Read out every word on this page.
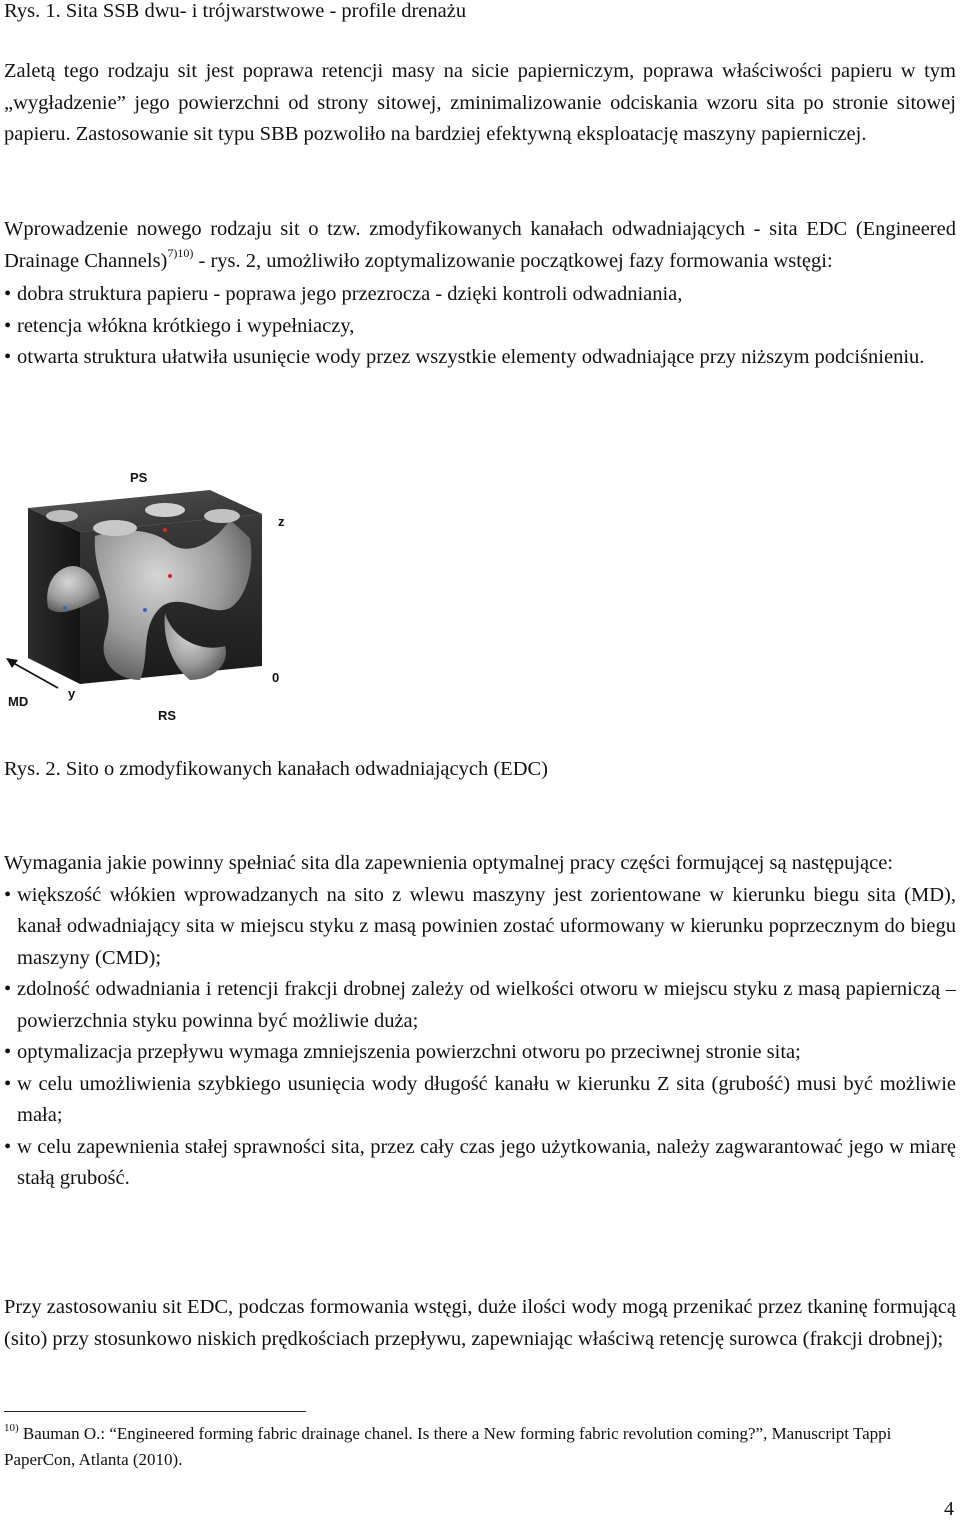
Rys. 1. Sita SSB dwu- i trójwarstwowe - profile drenażu

Zaletą tego rodzaju sit jest poprawa retencji masy na sicie papierniczym, poprawa właściwości papieru w tym „wygładzenie” jego powierzchni od strony sitowej, zminimalizowanie odciskania wzoru sita po stronie sitowej papieru. Zastosowanie sit typu SBB pozwoliło na bardziej efektywną eksploatację maszyny papierniczej.

Wprowadzenie nowego rodzaju sit o tzw. zmodyfikowanych kanałach odwadniających - sita EDC (Engineered Drainage Channels)$^{7)10)}$ - rys. 2, umożliwiło zoptymalizowanie początkowej fazy formowania wstęgi:

• dobra struktura papieru - poprawa jego przezrocza - dzięki kontroli odwadniania,
• retencja włókna krótkiego i wypełniaczy,
• otwarta struktura ułatwiła usunięcie wody przez wszystkie elementy odwadniające przy niższym podciśnieniu.
PS
z
0
MD
y
RS
Rys. 2. Sito o zmodyfikowanych kanałach odwadniających (EDC)

Wymagania jakie powinny spełniać sita dla zapewnienia optymalnej pracy części formującej są następujące:

• większość włókien wprowadzanych na sito z wlewu maszyny jest zorientowane w kierunku biegu sita (MD), kanał odwadniający sita w miejscu styku z masą powinien zostać uformowany w kierunku poprzecznym do biegu maszyny (CMD);
• zdolność odwadniania i retencji frakcji drobnej zależy od wielkości otworu w miejscu styku z masą papierniczą – powierzchnia styku powinna być możliwie duża;
• optymalizacja przepływu wymaga zmniejszenia powierzchni otworu po przeciwnej stronie sita;
• w celu umożliwienia szybkiego usunięcia wody długość kanału w kierunku Z sita (grubość) musi być możliwie mała;
• w celu zapewnienia stałej sprawności sita, przez cały czas jego użytkowania, należy zagwarantować jego w miarę stałą grubość.

Przy zastosowaniu sit EDC, podczas formowania wstęgi, duże ilości wody mogą przenikać przez tkaninę formującą (sito) przy stosunkowo niskich prędkościach przepływu, zapewniając właściwą retencję surowca (frakcji drobnej);

$^{10)}$ Bauman O.: “Engineered forming fabric drainage chanel. Is there a New forming fabric revolution coming?”, Manuscript Tappi PaperCon, Atlanta (2010).
4
